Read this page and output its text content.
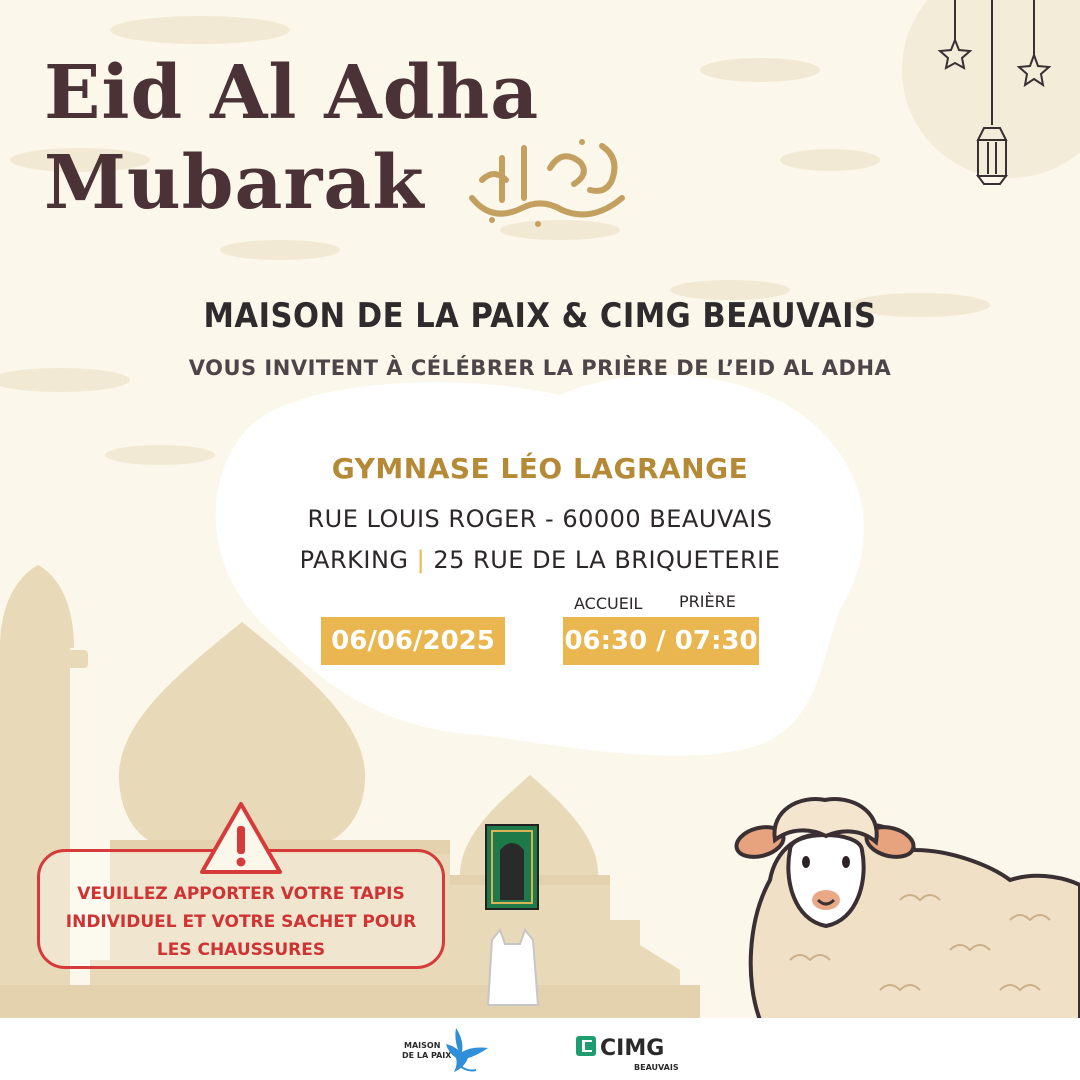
Eid Al Adha
Mubarak
MAISON DE LA PAIX & CIMG BEAUVAIS
VOUS INVITENT À CÉLÉBRER LA PRIÈRE DE L’EID AL ADHA
GYMNASE LÉO LAGRANGE
RUE LOUIS ROGER - 60000 BEAUVAIS
PARKING | 25 RUE DE LA BRIQUETERIE
ACCUEIL PRIÈRE
06/06/2025	06:30 / 07:30

VEUILLEZ APPORTER VOTRE TAPIS
INDIVIDUEL ET VOTRE SACHET POUR
LES CHAUSSURES

MAISON
DE LA PAIX	CIMG
BEAUVAIS
